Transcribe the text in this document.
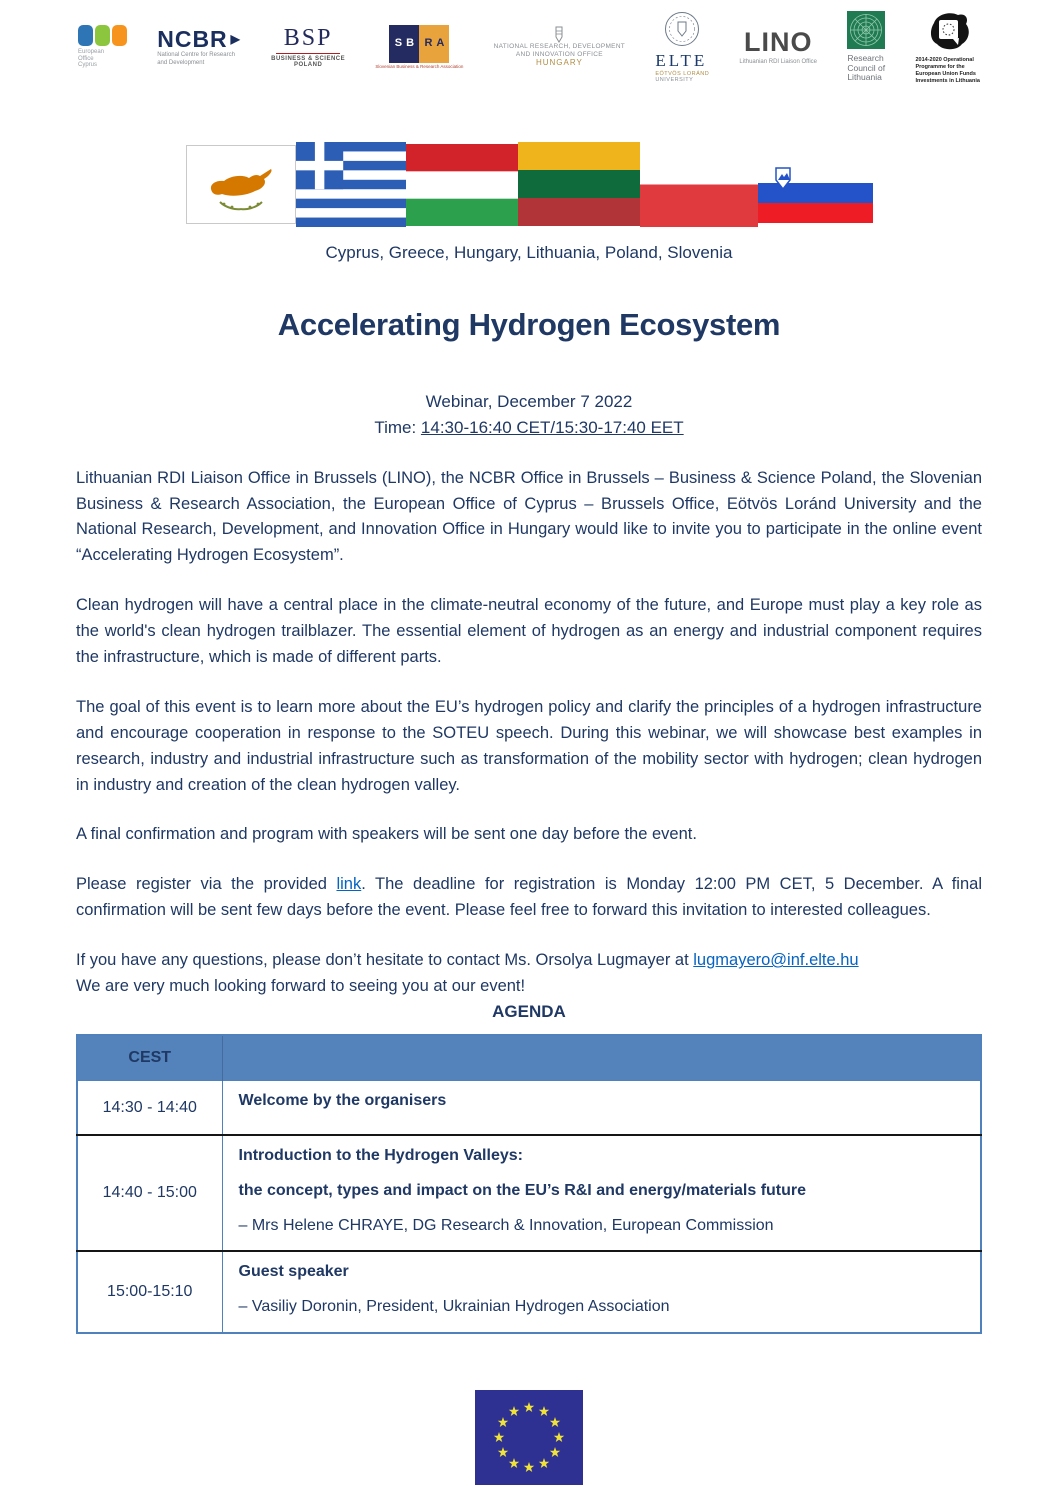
European
Office
Cyprus
NCBR ▶
National Centre for Research
and Development
BSP
BUSINESS & SCIENCE
POLAND
S B R A
Slovenian Business & Research Association
NATIONAL RESEARCH, DEVELOPMENT
AND INNOVATION OFFICE
HUNGARY	ELTE
EÖTVÖS LORÁND
UNIVERSITY
LINO
Lithuanian RDI Liaison Office	Research
Council of
Lithuania
2014-2020 Operational
Programme for the
European Union Funds
Investments in Lithuania
Cyprus, Greece, Hungary, Lithuania, Poland, Slovenia
Accelerating Hydrogen Ecosystem
Webinar, December 7 2022
Time: 14:30-16:40 CET/15:30-17:40 EET

Lithuanian RDI Liaison Office in Brussels (LINO), the NCBR Office in Brussels – Business & Science Poland, the Slovenian Business & Research Association, the European Office of Cyprus – Brussels Office, Eötvös Loránd University and the National Research, Development, and Innovation Office in Hungary would like to invite you to participate in the online event “Accelerating Hydrogen Ecosystem”.

Clean hydrogen will have a central place in the climate-neutral economy of the future, and Europe must play a key role as the world's clean hydrogen trailblazer. The essential element of hydrogen as an energy and industrial component requires the infrastructure, which is made of different parts.

The goal of this event is to learn more about the EU’s hydrogen policy and clarify the principles of a hydrogen infrastructure and encourage cooperation in response to the SOTEU speech. During this webinar, we will showcase best examples in research, industry and industrial infrastructure such as transformation of the mobility sector with hydrogen; clean hydrogen in industry and creation of the clean hydrogen valley.

A final confirmation and program with speakers will be sent one day before the event.

Please register via the provided link. The deadline for registration is Monday 12:00 PM CET, 5 December. A final confirmation will be sent few days before the event. Please feel free to forward this invitation to interested colleagues.

If you have any questions, please don’t hesitate to contact Ms. Orsolya Lugmayer at lugmayero@inf.elte.hu
We are very much looking forward to seeing you at our event!

AGENDA
CEST	
14:30 - 14:40	Welcome by the organisers

14:40 - 15:00	Introduction to the Hydrogen Valleys:
the concept, types and impact on the EU’s R&I and energy/materials future
– Mrs Helene CHRAYE, DG Research & Innovation, European Commission

15:00-15:10	Guest speaker
– Vasiliy Doronin, President, Ukrainian Hydrogen Association
